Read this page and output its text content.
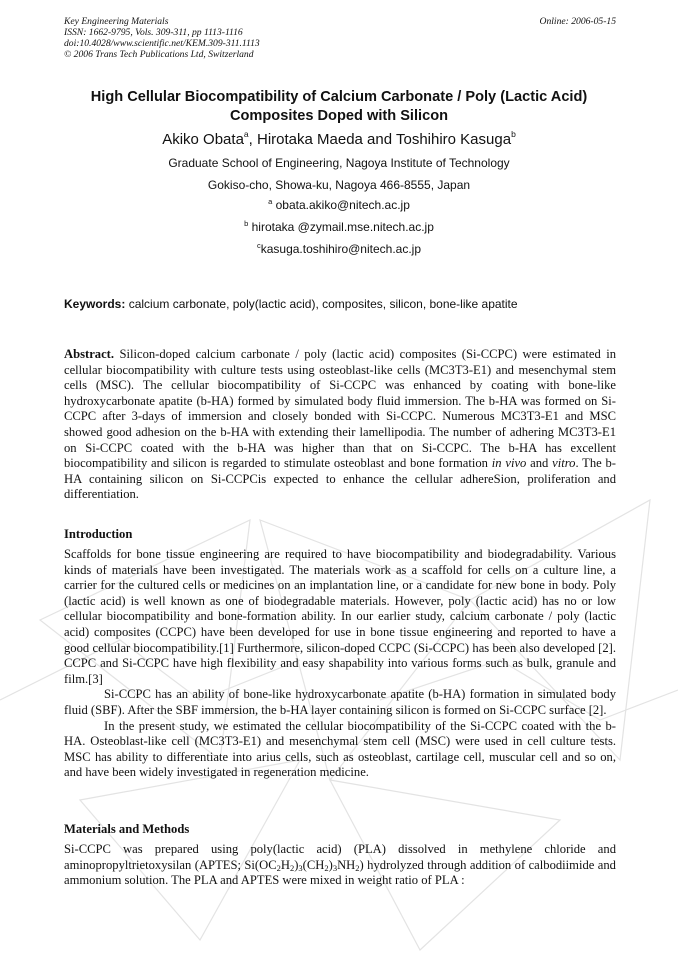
Key Engineering Materials
ISSN: 1662-9795, Vols. 309-311, pp 1113-1116
doi:10.4028/www.scientific.net/KEM.309-311.1113
© 2006 Trans Tech Publications Ltd, Switzerland
Online: 2006-05-15
High Cellular Biocompatibility of Calcium Carbonate / Poly (Lactic Acid)
Composites Doped with Silicon
Akiko Obata$^a$, Hirotaka Maeda and Toshihiro Kasuga$^b$
Graduate School of Engineering, Nagoya Institute of Technology
Gokiso-cho, Showa-ku, Nagoya 466-8555, Japan
$^a$ obata.akiko@nitech.ac.jp
$^b$ hirotaka @zymail.mse.nitech.ac.jp
$^c$kasuga.toshihiro@nitech.ac.jp
Keywords: calcium carbonate, poly(lactic acid), composites, silicon, bone-like apatite

Abstract. Silicon-doped calcium carbonate / poly (lactic acid) composites (Si-CCPC) were estimated in cellular biocompatibility with culture tests using osteoblast-like cells (MC3T3-E1) and mesenchymal stem cells (MSC). The cellular biocompatibility of Si-CCPC was enhanced by coating with bone-like hydroxycarbonate apatite (b-HA) formed by simulated body fluid immersion. The b-HA was formed on Si-CCPC after 3-days of immersion and closely bonded with Si-CCPC. Numerous MC3T3-E1 and MSC showed good adhesion on the b-HA with extending their lamellipodia. The number of adhering MC3T3-E1 on Si-CCPC coated with the b-HA was higher than that on Si-CCPC. The b-HA has excellent biocompatibility and silicon is regarded to stimulate osteoblast and bone formation in vivo and vitro. The b-HA containing silicon on Si-CCPCis expected to enhance the cellular adhereSion, proliferation and differentiation.

Introduction

Scaffolds for bone tissue engineering are required to have biocompatibility and biodegradability. Various kinds of materials have been investigated. The materials work as a scaffold for cells on a culture line, a carrier for the cultured cells or medicines on an implantation line, or a candidate for new bone in body. Poly (lactic acid) is well known as one of biodegradable materials. However, poly (lactic acid) has no or low cellular biocompatibility and bone-formation ability. In our earlier study, calcium carbonate / poly (lactic acid) composites (CCPC) have been developed for use in bone tissue engineering and reported to have a good cellular biocompatibility.[1] Furthermore, silicon-doped CCPC (Si-CCPC) has been also developed [2]. CCPC and Si-CCPC have high flexibility and easy shapability into various forms such as bulk, granule and film.[3]

Si-CCPC has an ability of bone-like hydroxycarbonate apatite (b-HA) formation in simulated body fluid (SBF). After the SBF immersion, the b-HA layer containing silicon is formed on Si-CCPC surface [2].

In the present study, we estimated the cellular biocompatibility of the Si-CCPC coated with the b-HA. Osteoblast-like cell (MC3T3-E1) and mesenchymal stem cell (MSC) were used in cell culture tests. MSC has ability to differentiate into arius cells, such as osteoblast, cartilage cell, muscular cell and so on, and have been widely investigated in regeneration medicine.

Materials and Methods

Si-CCPC was prepared using poly(lactic acid) (PLA) dissolved in methylene chloride and aminopropyltrietoxysilan (APTES; $Si(OC_2H_2)_3(CH_2)_3NH_2$) hydrolyzed through addition of calbodiimide and ammonium solution. The PLA and APTES were mixed in weight ratio of PLA :
